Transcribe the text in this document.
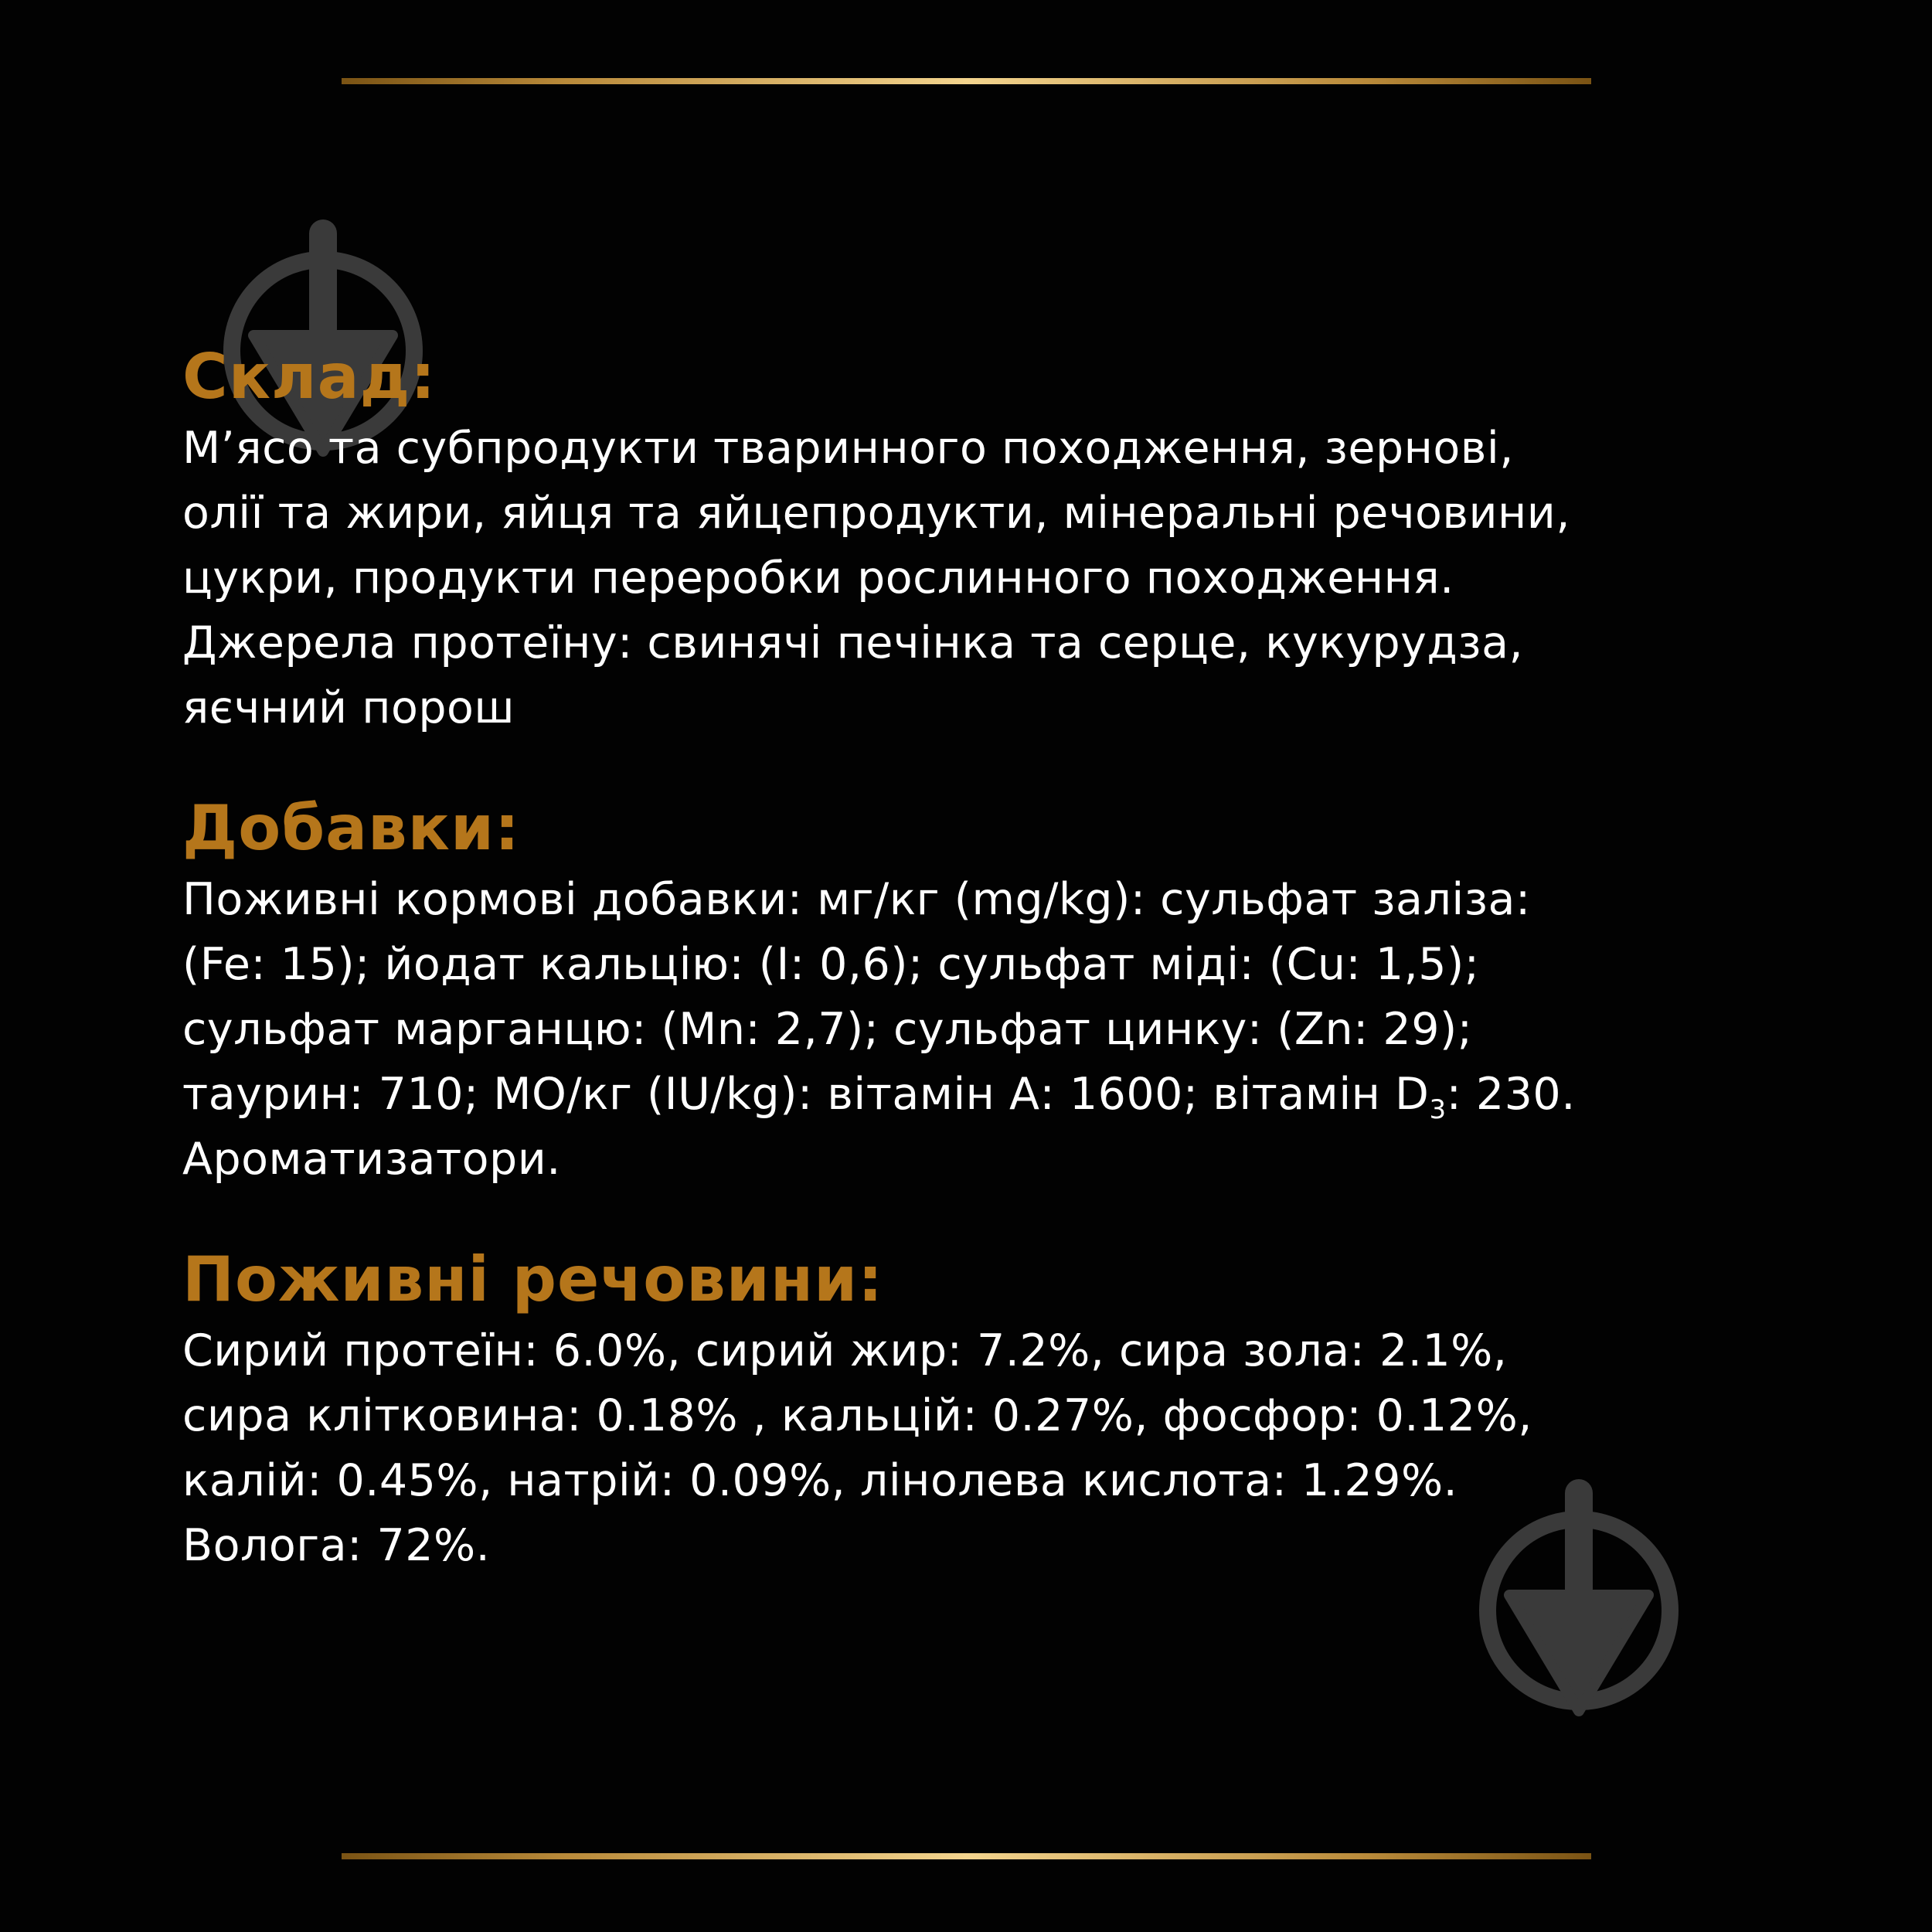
Склад:
М’ясо та субпродукти тваринного походження, зернові,
олії та жири, яйця та яйцепродукти, мінеральні речовини,
цукри, продукти переробки рослинного походження.
Джерела протеїну: свинячі печінка та серце, кукурудза,
яєчний порош
Добавки:
Поживні кормові добавки: мг/кг (mg/kg): сульфат заліза:
(Fe: 15); йодат кальцію: (I: 0,6); сульфат міді: (Cu: 1,5);
сульфат марганцю: (Mn: 2,7); сульфат цинку: (Zn: 29);
таурин: 710; МО/кг (IU/kg): вітамін А: 1600; вітамін $D_3$: 230.
Ароматизатори.
Поживні речовини:
Сирий протеїн: 6.0%, сирий жир: 7.2%, сира зола: 2.1%,
сира клітковина: 0.18% , кальцій: 0.27%, фосфор: 0.12%,
калій: 0.45%, натрій: 0.09%, лінолева кислота: 1.29%.
Волога: 72%.
